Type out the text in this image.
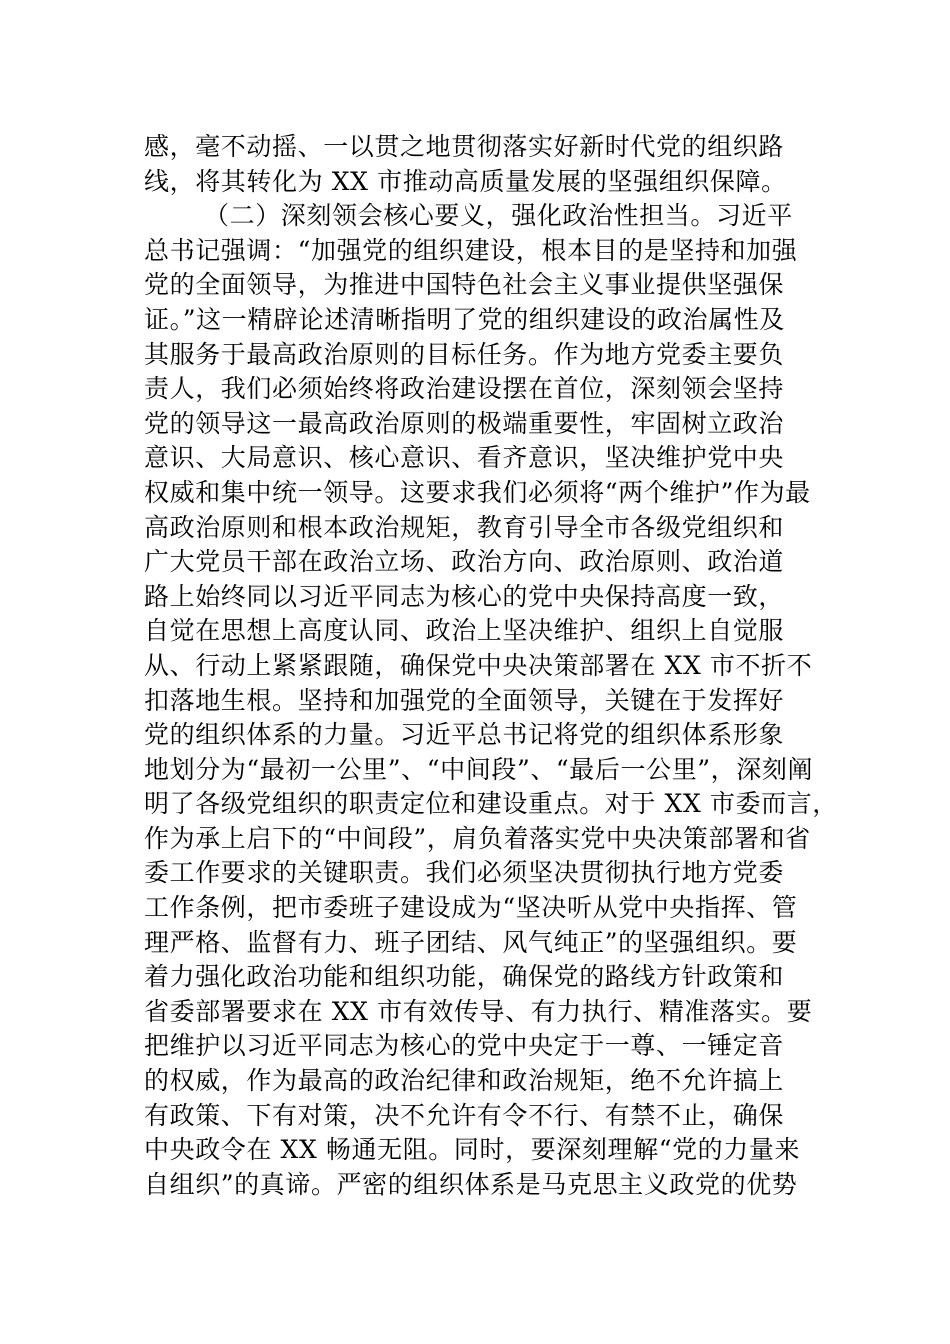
感，毫不动摇、一以贯之地贯彻落实好新时代党的组织路
线，将其转化为 XX 市推动高质量发展的坚强组织保障。
（二）深刻领会核心要义，强化政治性担当。习近平
总书记强调：“加强党的组织建设，根本目的是坚持和加强
党的全面领导，为推进中国特色社会主义事业提供坚强保
证。”这一精辟论述清晰指明了党的组织建设的政治属性及
其服务于最高政治原则的目标任务。作为地方党委主要负
责人，我们必须始终将政治建设摆在首位，深刻领会坚持
党的领导这一最高政治原则的极端重要性，牢固树立政治
意识、大局意识、核心意识、看齐意识，坚决维护党中央
权威和集中统一领导。这要求我们必须将“两个维护”作为最
高政治原则和根本政治规矩，教育引导全市各级党组织和
广大党员干部在政治立场、政治方向、政治原则、政治道
路上始终同以习近平同志为核心的党中央保持高度一致，
自觉在思想上高度认同、政治上坚决维护、组织上自觉服
从、行动上紧紧跟随，确保党中央决策部署在 XX 市不折不
扣落地生根。坚持和加强党的全面领导，关键在于发挥好
党的组织体系的力量。习近平总书记将党的组织体系形象
地划分为“最初一公里”、“中间段”、“最后一公里”，深刻阐
明了各级党组织的职责定位和建设重点。对于 XX 市委而言，
作为承上启下的“中间段”，肩负着落实党中央决策部署和省
委工作要求的关键职责。我们必须坚决贯彻执行地方党委
工作条例，把市委班子建设成为“坚决听从党中央指挥、管
理严格、监督有力、班子团结、风气纯正”的坚强组织。要
着力强化政治功能和组织功能，确保党的路线方针政策和
省委部署要求在 XX 市有效传导、有力执行、精准落实。要
把维护以习近平同志为核心的党中央定于一尊、一锤定音
的权威，作为最高的政治纪律和政治规矩，绝不允许搞上
有政策、下有对策，决不允许有令不行、有禁不止，确保
中央政令在 XX 畅通无阻。同时，要深刻理解“党的力量来
自组织”的真谛。严密的组织体系是马克思主义政党的优势
